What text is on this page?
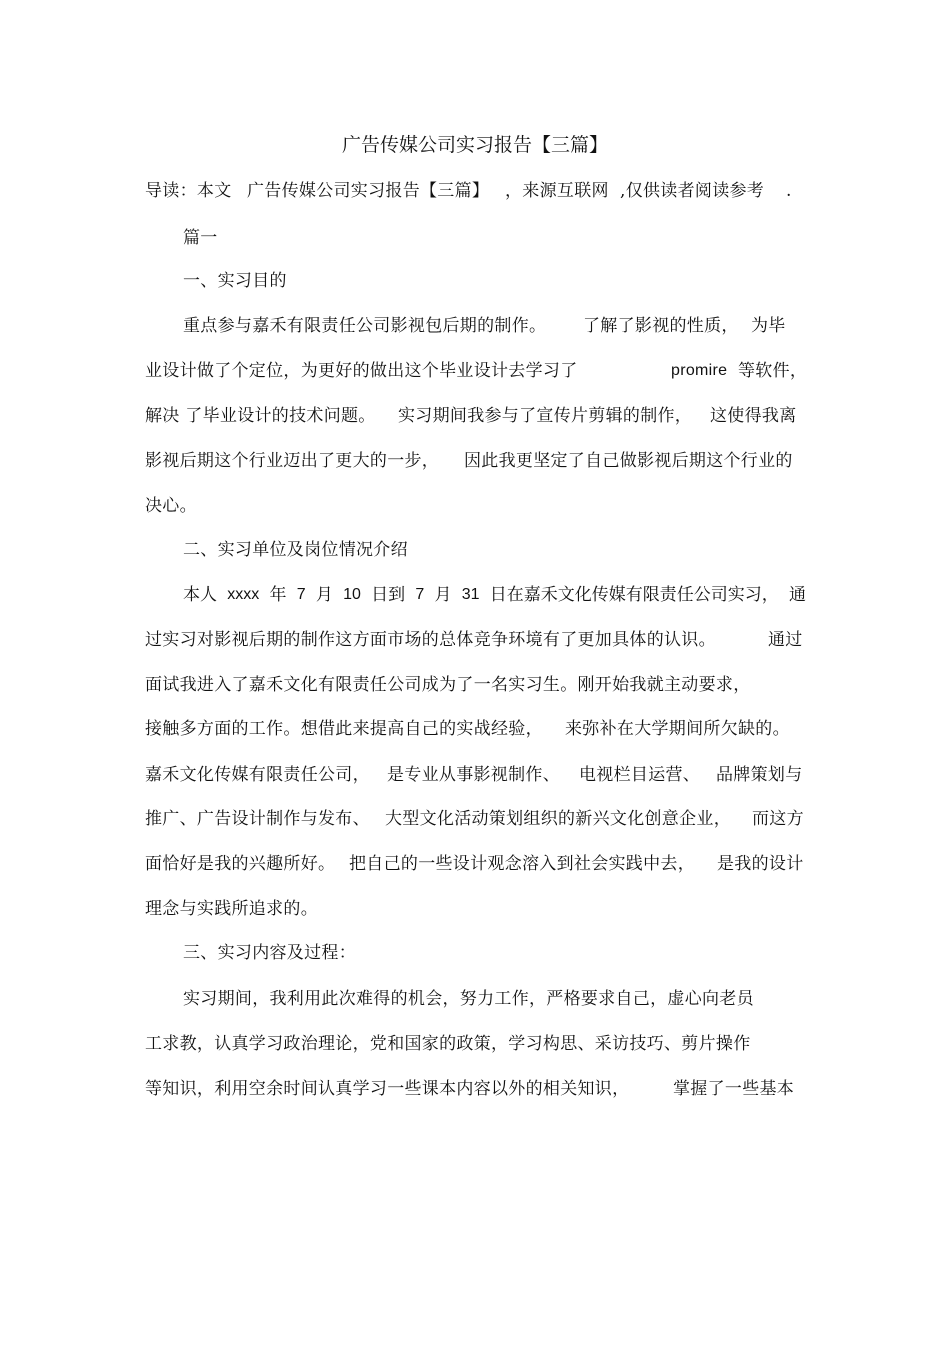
广告传媒公司实习报告【三篇】
导读：本文 广告传媒公司实习报告【三篇】 ，来源互联网 ,仅供读者阅读参考 .
篇一
一、实习目的
重点参与嘉禾有限责任公司影视包后期的制作。 了解了影视的性质， 为毕
业设计做了个定位，为更好的做出这个毕业设计去学习了	promire 等软件，
解决 了毕业设计的技术问题。 实习期间我参与了宣传片剪辑的制作， 这使得我离
影视后期这个行业迈出了更大的一步， 因此我更坚定了自己做影视后期这个行业的
决心。
二、实习单位及岗位情况介绍
本人 xxxx 年 7 月 10 日到 7 月 31 日在嘉禾文化传媒有限责任公司实习， 通
过实习对影视后期的制作这方面市场的总体竞争环境有了更加具体的认识。	通过
面试我进入了嘉禾文化有限责任公司成为了一名实习生。刚开始我就主动要求，
接触多方面的工作。想借此来提高自己的实战经验， 来弥补在大学期间所欠缺的。
嘉禾文化传媒有限责任公司， 是专业从事影视制作、 电视栏目运营、 品牌策划与
推广、广告设计制作与发布、 大型文化活动策划组织的新兴文化创意企业， 而这方
面恰好是我的兴趣所好。 把自己的一些设计观念溶入到社会实践中去， 是我的设计
理念与实践所追求的。
三、实习内容及过程：
实习期间，我利用此次难得的机会，努力工作，严格要求自己，虚心向老员
工求教，认真学习政治理论，党和国家的政策，学习构思、采访技巧、剪片操作
等知识，利用空余时间认真学习一些课本内容以外的相关知识，	掌握了一些基本
